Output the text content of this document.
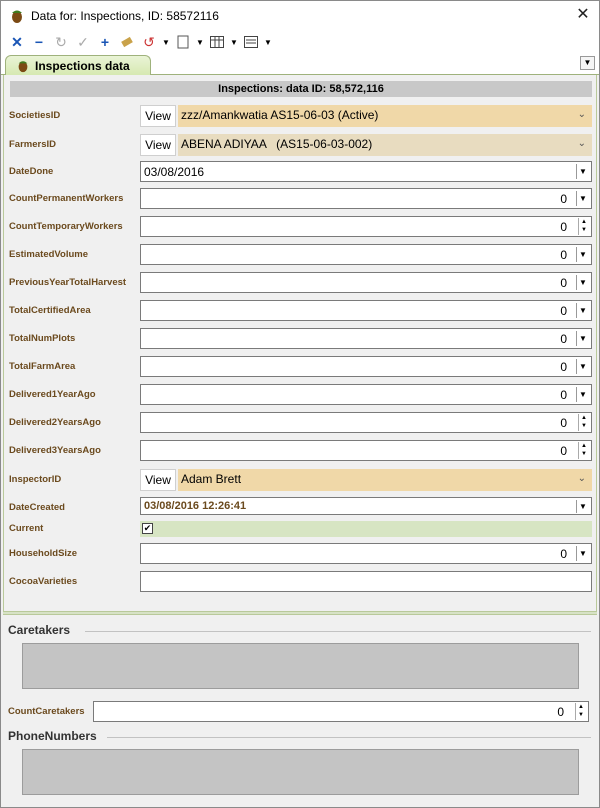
Data for: Inspections, ID: 58572116	✕
✕ − ↻ ✓ +	↺ ▼	▼	▼	▼
Inspections data	▼
Inspections: data ID: 58,572,116
SocietiesID	View zzz/Amankwatia AS15-06-03 (Active)	⌄
FarmersID	View ABENA ADIYAA   (AS15-06-03-002)	⌄
DateDone	03/08/2016	▼
CountPermanentWorkers	0	▼
CountTemporaryWorkers	0	▲
▼
EstimatedVolume	0	▼
PreviousYearTotalHarvest	0	▼
TotalCertifiedArea	0	▼
TotalNumPlots	0	▼
TotalFarmArea	0	▼
Delivered1YearAgo	0	▼
Delivered2YearsAgo	0	▲
▼
Delivered3YearsAgo	0	▲
▼
InspectorID	View Adam Brett	⌄
DateCreated	03/08/2016 12:26:41	▼
Current	✔
HouseholdSize	0	▼
CocoaVarieties
Caretakers
CountCaretakers	0	▲
▼
PhoneNumbers
